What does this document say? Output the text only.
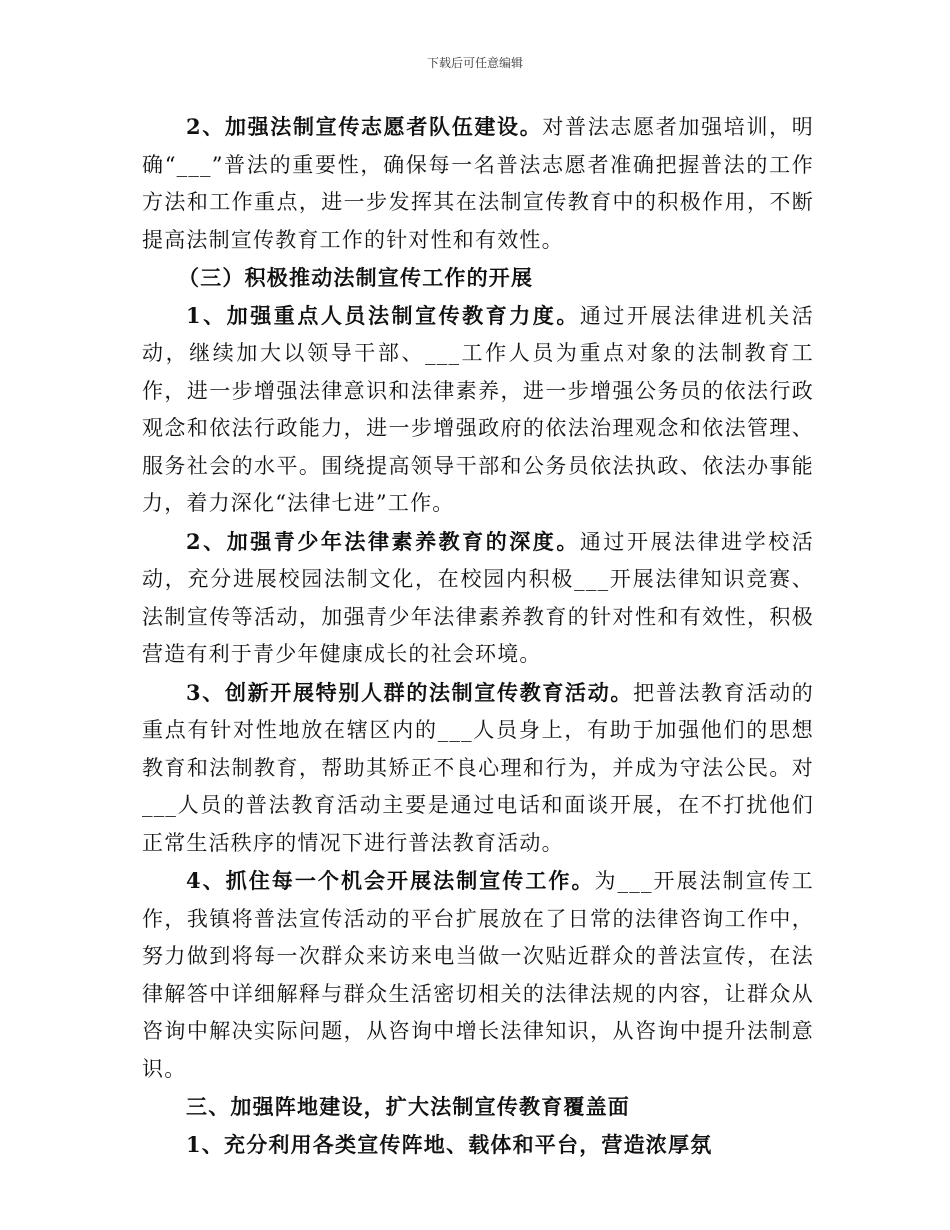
下载后可任意编辑

2、加强法制宣传志愿者队伍建设。对普法志愿者加强培训，明确“___”普法的重要性，确保每一名普法志愿者准确把握普法的工作方法和工作重点，进一步发挥其在法制宣传教育中的积极作用，不断提高法制宣传教育工作的针对性和有效性。

（三）积极推动法制宣传工作的开展

1、加强重点人员法制宣传教育力度。通过开展法律进机关活动，继续加大以领导干部、___工作人员为重点对象的法制教育工作，进一步增强法律意识和法律素养，进一步增强公务员的依法行政观念和依法行政能力，进一步增强政府的依法治理观念和依法管理、服务社会的水平。围绕提高领导干部和公务员依法执政、依法办事能力，着力深化“法律七进”工作。

2、加强青少年法律素养教育的深度。通过开展法律进学校活动，充分进展校园法制文化，在校园内积极___开展法律知识竞赛、法制宣传等活动，加强青少年法律素养教育的针对性和有效性，积极营造有利于青少年健康成长的社会环境。

3、创新开展特别人群的法制宣传教育活动。把普法教育活动的重点有针对性地放在辖区内的___人员身上，有助于加强他们的思想教育和法制教育，帮助其矫正不良心理和行为，并成为守法公民。对___人员的普法教育活动主要是通过电话和面谈开展，在不打扰他们正常生活秩序的情况下进行普法教育活动。

4、抓住每一个机会开展法制宣传工作。为___开展法制宣传工作，我镇将普法宣传活动的平台扩展放在了日常的法律咨询工作中，努力做到将每一次群众来访来电当做一次贴近群众的普法宣传，在法律解答中详细解释与群众生活密切相关的法律法规的内容，让群众从咨询中解决实际问题，从咨询中增长法律知识，从咨询中提升法制意识。

三、加强阵地建设，扩大法制宣传教育覆盖面

1、充分利用各类宣传阵地、载体和平台，营造浓厚氛
